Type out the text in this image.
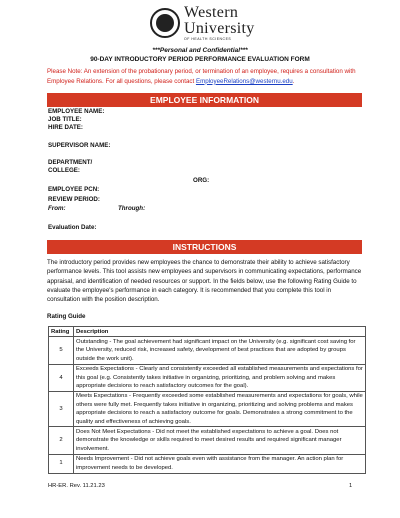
Western
University
OF HEALTH SCIENCES
***Personal and Confidential***
90-DAY INTRODUCTORY PERIOD PERFORMANCE EVALUATION FORM
Please Note: An extension of the probationary period, or termination of an employee, requires a consultation with Employee Relations. For all questions, please contact EmployeeRelations@westernu.edu.
EMPLOYEE INFORMATION
EMPLOYEE NAME:
JOB TITLE:
HIRE DATE:
SUPERVISOR NAME:
DEPARTMENT/
COLLEGE:
ORG:
EMPLOYEE PCN:
REVIEW PERIOD:
From:	Through:
Evaluation Date:
INSTRUCTIONS
The introductory period provides new employees the chance to demonstrate their ability to achieve satisfactory performance levels. This tool assists new employees and supervisors in communicating expectations, performance appraisal, and identification of needed resources or support. In the fields below, use the following Rating Guide to evaluate the employee's performance in each category. It is recommended that you complete this tool in consultation with the position description.
Rating Guide
Rating	Description
5	Outstanding - The goal achievement had significant impact on the University (e.g. significant cost saving for the University, reduced risk, increased safety, development of best practices that are adopted by groups outside the work unit).
4	Exceeds Expectations - Clearly and consistently exceeded all established measurements and expectations for this goal (e.g. Consistently takes initiative in organizing, prioritizing, and problem solving and makes appropriate decisions to reach satisfactory outcomes for the goal).
3	Meets Expectations - Frequently exceeded some established measurements and expectations for goals, while others were fully met. Frequently takes initiative in organizing, prioritizing and solving problems and makes appropriate decisions to reach a satisfactory outcome for goals. Demonstrates a strong commitment to the quality and effectiveness of achieving goals.
2	Does Not Meet Expectations - Did not meet the established expectations to achieve a goal. Does not demonstrate the knowledge or skills required to meet desired results and required significant manager involvement.
1	Needs Improvement - Did not achieve goals even with assistance from the manager. An action plan for improvement needs to be developed.
HR-ER. Rev. 11.21.23	1
